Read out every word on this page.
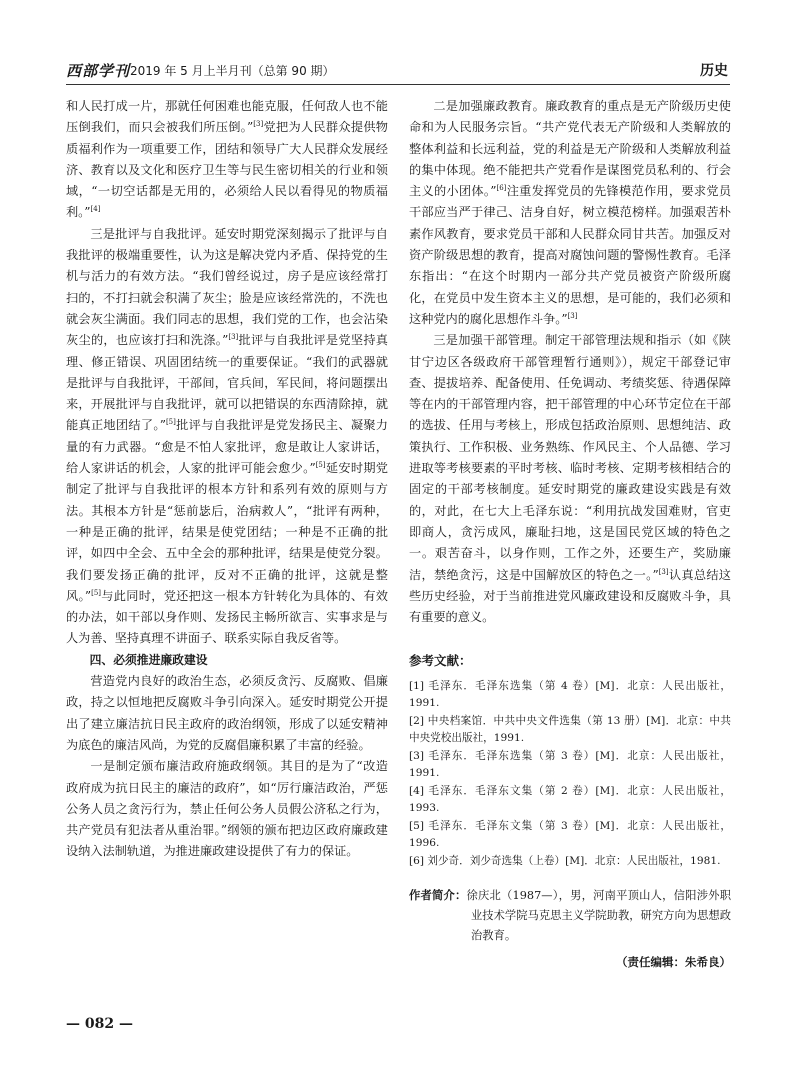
西部学刊 2019 年 5 月上半月刊（总第 90 期）	历史

和人民打成一片，那就任何困难也能克服，任何敌人也不能压倒我们，而只会被我们所压倒。”[3]党把为人民群众提供物质福利作为一项重要工作，团结和领导广大人民群众发展经济、教育以及文化和医疗卫生等与民生密切相关的行业和领域，“一切空话都是无用的，必须给人民以看得见的物质福利。”[4]

三是批评与自我批评。延安时期党深刻揭示了批评与自我批评的极端重要性，认为这是解决党内矛盾、保持党的生机与活力的有效方法。“我们曾经说过，房子是应该经常打扫的，不打扫就会积满了灰尘；脸是应该经常洗的，不洗也就会灰尘满面。我们同志的思想，我们党的工作，也会沾染灰尘的，也应该打扫和洗涤。”[3]批评与自我批评是党坚持真理、修正错误、巩固团结统一的重要保证。“我们的武器就是批评与自我批评，干部间，官兵间，军民间，将问题摆出来，开展批评与自我批评，就可以把错误的东西清除掉，就能真正地团结了。”[5]批评与自我批评是党发扬民主、凝聚力量的有力武器。“愈是不怕人家批评，愈是敢让人家讲话，给人家讲话的机会，人家的批评可能会愈少。”[5]延安时期党制定了批评与自我批评的根本方针和系列有效的原则与方法。其根本方针是“惩前毖后，治病救人”，“批评有两种，一种是正确的批评，结果是使党团结；一种是不正确的批评，如四中全会、五中全会的那种批评，结果是使党分裂。我们要发扬正确的批评，反对不正确的批评，这就是整风。”[5]与此同时，党还把这一根本方针转化为具体的、有效的办法，如干部以身作则、发扬民主畅所欲言、实事求是与人为善、坚持真理不讲面子、联系实际自我反省等。

四、必须推进廉政建设

营造党内良好的政治生态，必须反贪污、反腐败、倡廉政，持之以恒地把反腐败斗争引向深入。延安时期党公开提出了建立廉洁抗日民主政府的政治纲领，形成了以延安精神为底色的廉洁风尚，为党的反腐倡廉积累了丰富的经验。

一是制定颁布廉洁政府施政纲领。其目的是为了“改造政府成为抗日民主的廉洁的政府”，如“厉行廉洁政治，严惩公务人员之贪污行为，禁止任何公务人员假公济私之行为，共产党员有犯法者从重治罪。”纲领的颁布把边区政府廉政建设纳入法制轨道，为推进廉政建设提供了有力的保证。

二是加强廉政教育。廉政教育的重点是无产阶级历史使命和为人民服务宗旨。“共产党代表无产阶级和人类解放的整体利益和长远利益，党的利益是无产阶级和人类解放利益的集中体现。绝不能把共产党看作是谋图党员私利的、行会主义的小团体。”[6]注重发挥党员的先锋模范作用，要求党员干部应当严于律己、洁身自好，树立模范榜样。加强艰苦朴素作风教育，要求党员干部和人民群众同甘共苦。加强反对资产阶级思想的教育，提高对腐蚀问题的警惕性教育。毛泽东指出：“在这个时期内一部分共产党员被资产阶级所腐化，在党员中发生资本主义的思想，是可能的，我们必须和这种党内的腐化思想作斗争。”[3]

三是加强干部管理。制定干部管理法规和指示（如《陕甘宁边区各级政府干部管理暂行通则》），规定干部登记审查、提拔培养、配备使用、任免调动、考绩奖惩、待遇保障等在内的干部管理内容，把干部管理的中心环节定位在干部的选拔、任用与考核上，形成包括政治原则、思想纯洁、政策执行、工作积极、业务熟练、作风民主、个人品德、学习进取等考核要素的平时考核、临时考核、定期考核相结合的固定的干部考核制度。延安时期党的廉政建设实践是有效的，对此，在七大上毛泽东说：“利用抗战发国难财，官吏即商人，贪污成风，廉耻扫地，这是国民党区域的特色之一。艰苦奋斗，以身作则，工作之外，还要生产，奖励廉洁，禁绝贪污，这是中国解放区的特色之一。”[3]认真总结这些历史经验，对于当前推进党风廉政建设和反腐败斗争，具有重要的意义。

参考文献：
[1] 毛泽东．毛泽东选集（第 4 卷）[M]．北京：人民出版社，1991.
[2] 中央档案馆．中共中央文件选集（第 13 册）[M]．北京：中共中央党校出版社，1991.
[3] 毛泽东．毛泽东选集（第 3 卷）[M]．北京：人民出版社，1991.
[4] 毛泽东．毛泽东文集（第 2 卷）[M]．北京：人民出版社，1993.
[5] 毛泽东．毛泽东文集（第 3 卷）[M]．北京：人民出版社，1996.
[6] 刘少奇．刘少奇选集（上卷）[M]．北京：人民出版社，1981.
作者简介：徐庆北（1987—），男，河南平顶山人，信阳涉外职业技术学院马克思主义学院助教，研究方向为思想政治教育。
（责任编辑：朱希良）
— 082 —
